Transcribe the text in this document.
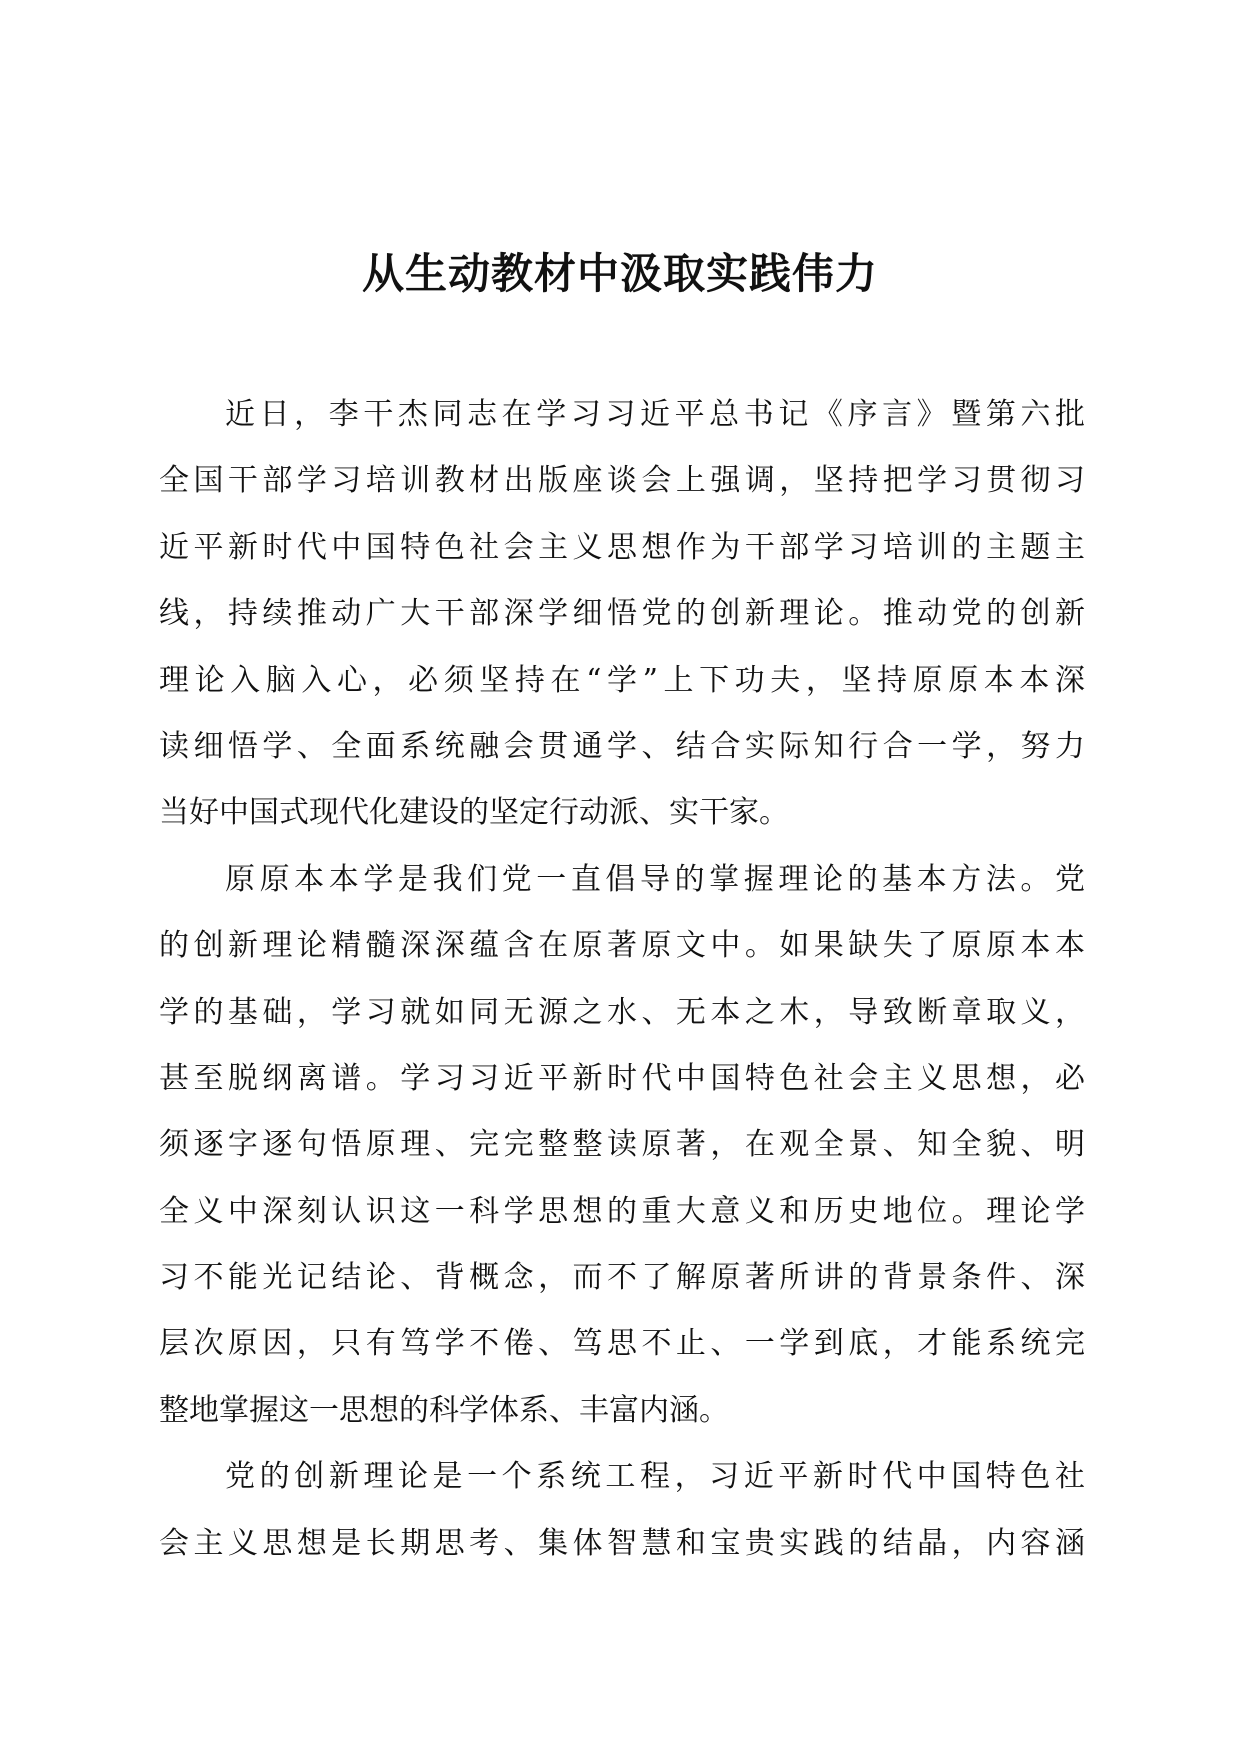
从生动教材中汲取实践伟力
近日，李干杰同志在学习习近平总书记《序言》暨第六批
全国干部学习培训教材出版座谈会上强调，坚持把学习贯彻习
近平新时代中国特色社会主义思想作为干部学习培训的主题主
线，持续推动广大干部深学细悟党的创新理论。推动党的创新
理论入脑入心，必须坚持在“学”上下功夫，坚持原原本本深
读细悟学、全面系统融会贯通学、结合实际知行合一学，努力
当好中国式现代化建设的坚定行动派、实干家。
原原本本学是我们党一直倡导的掌握理论的基本方法。党
的创新理论精髓深深蕴含在原著原文中。如果缺失了原原本本
学的基础，学习就如同无源之水、无本之木，导致断章取义，
甚至脱纲离谱。学习习近平新时代中国特色社会主义思想，必
须逐字逐句悟原理、完完整整读原著，在观全景、知全貌、明
全义中深刻认识这一科学思想的重大意义和历史地位。理论学
习不能光记结论、背概念，而不了解原著所讲的背景条件、深
层次原因，只有笃学不倦、笃思不止、一学到底，才能系统完
整地掌握这一思想的科学体系、丰富内涵。
党的创新理论是一个系统工程，习近平新时代中国特色社
会主义思想是长期思考、集体智慧和宝贵实践的结晶，内容涵
